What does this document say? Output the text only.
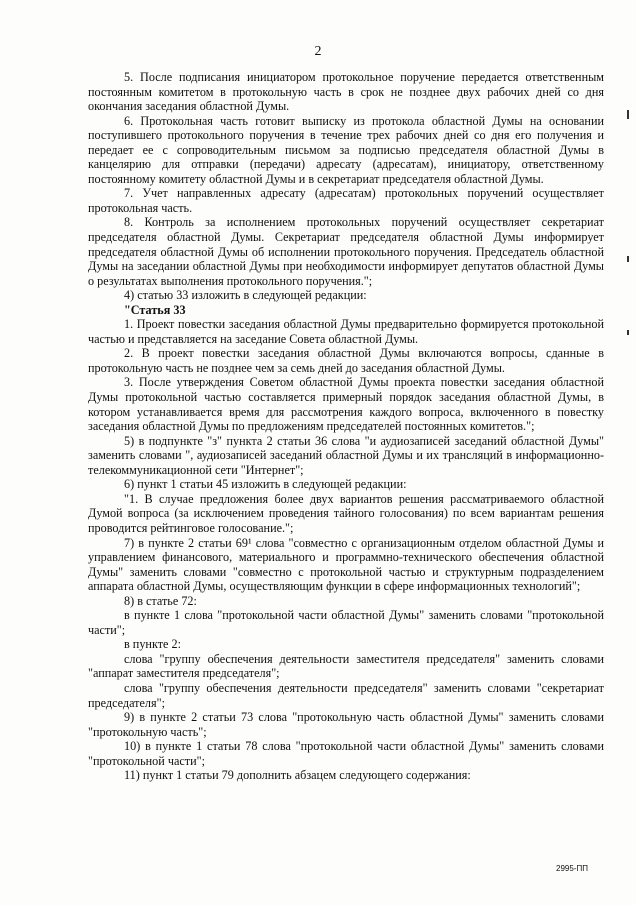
2

5. После подписания инициатором протокольное поручение передается ответственным постоянным комитетом в протокольную часть в срок не позднее двух рабочих дней со дня окончания заседания областной Думы.

6. Протокольная часть готовит выписку из протокола областной Думы на основании поступившего протокольного поручения в течение трех рабочих дней со дня его получения и передает ее с сопроводительным письмом за подписью председателя областной Думы в канцелярию для отправки (передачи) адресату (адресатам), инициатору, ответственному постоянному комитету областной Думы и в секретариат председателя областной Думы.

7. Учет направленных адресату (адресатам) протокольных поручений осуществляет протокольная часть.

8. Контроль за исполнением протокольных поручений осуществляет секретариат председателя областной Думы. Секретариат председателя областной Думы информирует председателя областной Думы об исполнении протокольного поручения. Председатель областной Думы на заседании областной Думы при необходимости информирует депутатов областной Думы о результатах выполнения протокольного поручения.";

4) статью 33 изложить в следующей редакции:

"Статья 33

1. Проект повестки заседания областной Думы предварительно формируется протокольной частью и представляется на заседание Совета областной Думы.

2. В проект повестки заседания областной Думы включаются вопросы, сданные в протокольную часть не позднее чем за семь дней до заседания областной Думы.

3. После утверждения Советом областной Думы проекта повестки заседания областной Думы протокольной частью составляется примерный порядок заседания областной Думы, в котором устанавливается время для рассмотрения каждого вопроса, включенного в повестку заседания областной Думы по предложениям председателей постоянных комитетов.";

5) в подпункте "з" пункта 2 статьи 36 слова "и аудиозаписей заседаний областной Думы" заменить словами ", аудиозаписей заседаний областной Думы и их трансляций в информационно-телекоммуникационной сети "Интернет";

6) пункт 1 статьи 45 изложить в следующей редакции:

"1. В случае предложения более двух вариантов решения рассматриваемого областной Думой вопроса (за исключением проведения тайного голосования) по всем вариантам решения проводится рейтинговое голосование.";

7) в пункте 2 статьи 69¹ слова "совместно с организационным отделом областной Думы и управлением финансового, материального и программно-технического обеспечения областной Думы" заменить словами "совместно с протокольной частью и структурным подразделением аппарата областной Думы, осуществляющим функции в сфере информационных технологий";

8) в статье 72:

в пункте 1 слова "протокольной части областной Думы" заменить словами "протокольной части";

в пункте 2:

слова "группу обеспечения деятельности заместителя председателя" заменить словами "аппарат заместителя председателя";

слова "группу обеспечения деятельности председателя" заменить словами "секретариат председателя";

9) в пункте 2 статьи 73 слова "протокольную часть областной Думы" заменить словами "протокольную часть";

10) в пункте 1 статьи 78 слова "протокольной части областной Думы" заменить словами "протокольной части";

11) пункт 1 статьи 79 дополнить абзацем следующего содержания:

2995-ПП
